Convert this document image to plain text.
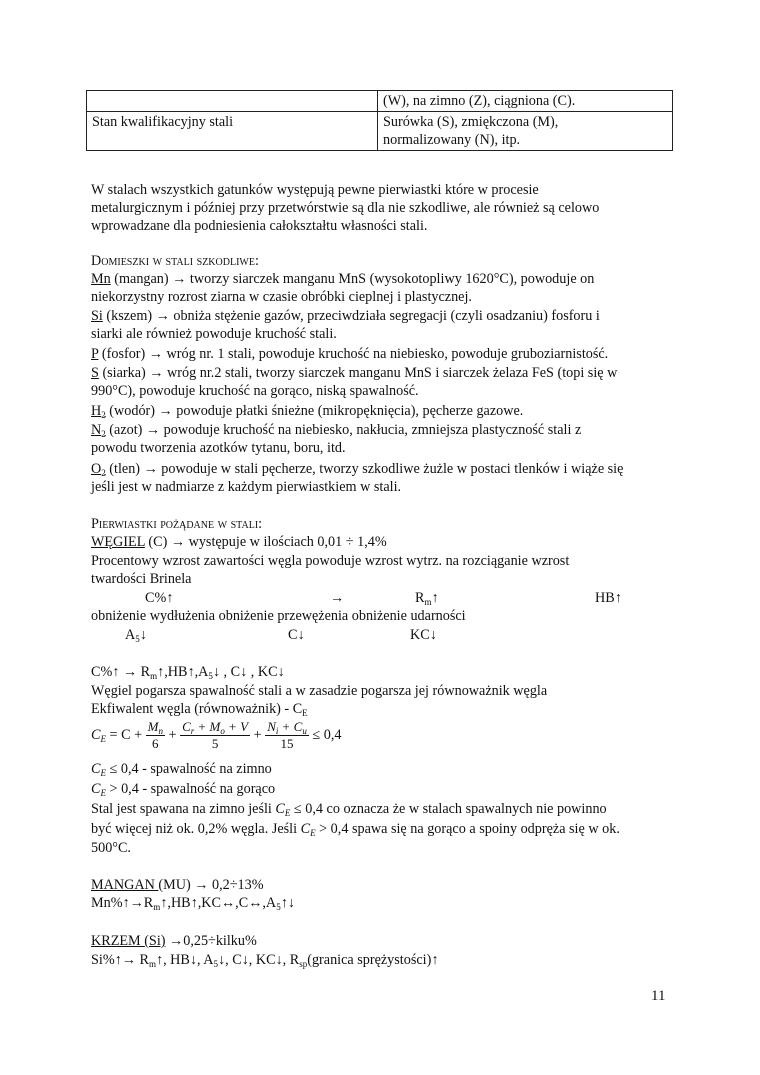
	(W), na zimno (Z), ciągniona (C).
Stan kwalifikacyjny stali	Surówka (S), zmiękczona (M),
normalizowany (N), itp.
W stalach wszystkich gatunków występują pewne pierwiastki które w procesie
metalurgicznym i później przy przetwórstwie są dla nie szkodliwe, ale również są celowo
wprowadzane dla podniesienia całokształtu własności stali.
Domieszki w stali szkodliwe:
Mn (mangan) → tworzy siarczek manganu MnS (wysokotopliwy 1620°C), powoduje on
niekorzystny rozrost ziarna w czasie obróbki cieplnej i plastycznej.
Si (kszem) → obniża stężenie gazów, przeciwdziała segregacji (czyli osadzaniu) fosforu i
siarki ale również powoduje kruchość stali.
P (fosfor) → wróg nr. 1 stali, powoduje kruchość na niebiesko, powoduje gruboziarnistość.
S (siarka) → wróg nr.2 stali, tworzy siarczek manganu MnS i siarczek żelaza FeS (topi się w
990°C), powoduje kruchość na gorąco, niską spawalność.
$H_2$ (wodór) → powoduje płatki śnieżne (mikropęknięcia), pęcherze gazowe.
$N_2$ (azot) → powoduje kruchość na niebiesko, nakłucia, zmniejsza plastyczność stali z
powodu tworzenia azotków tytanu, boru, itd.
$O_2$ (tlen) → powoduje w stali pęcherze, tworzy szkodliwe żużle w postaci tlenków i wiąże się
jeśli jest w nadmiarze z każdym pierwiastkiem w stali.
Pierwiastki pożądane w stali:
WĘGIEL (C) → występuje w ilościach 0,01 ÷ 1,4%
Procentowy wzrost zawartości węgla powoduje wzrost wytrz. na rozciąganie wzrost
twardości Brinela
C%↑	→	$R_m↑$	HB↑
obniżenie wydłużenia obniżenie przewężenia obniżenie udarności
$A_5↓$	C↓	KC↓
C%↑ → $R_m↑,HB↑,A_5↓$ , C↓ , KC↓
Węgiel pogarsza spawalność stali a w zasadzie pogarsza jej równoważnik węgla
Ekfiwalent węgla (równoważnik) - $C_E$
$C_E = C + \frac{M_n}{6} + \frac{C_r + M_o + V}{5} + \frac{N_i + C_u}{15} \le 0,4$
$C_E \le 0,4$ - spawalność na zimno
$C_E > 0,4$ - spawalność na gorąco
Stal jest spawana na zimno jeśli $C_E \le 0,4$ co oznacza że w stalach spawalnych nie powinno
być więcej niż ok. 0,2% węgla. Jeśli $C_E > 0,4$ spawa się na gorąco a spoiny odpręża się w ok.
500°C.
MANGAN (MU) → 0,2÷13%
$Mn\%↑\to R_m↑,HB↑,KC\leftrightarrow,C\leftrightarrow,A_5↑↓$
KRZEM (Si) →0,25÷kilku%
Si%↑→ $R_m↑$, HB↓, $A_5↓$, C↓, KC↓, $R_{sp}(granica$ sprężystości)↑
11
